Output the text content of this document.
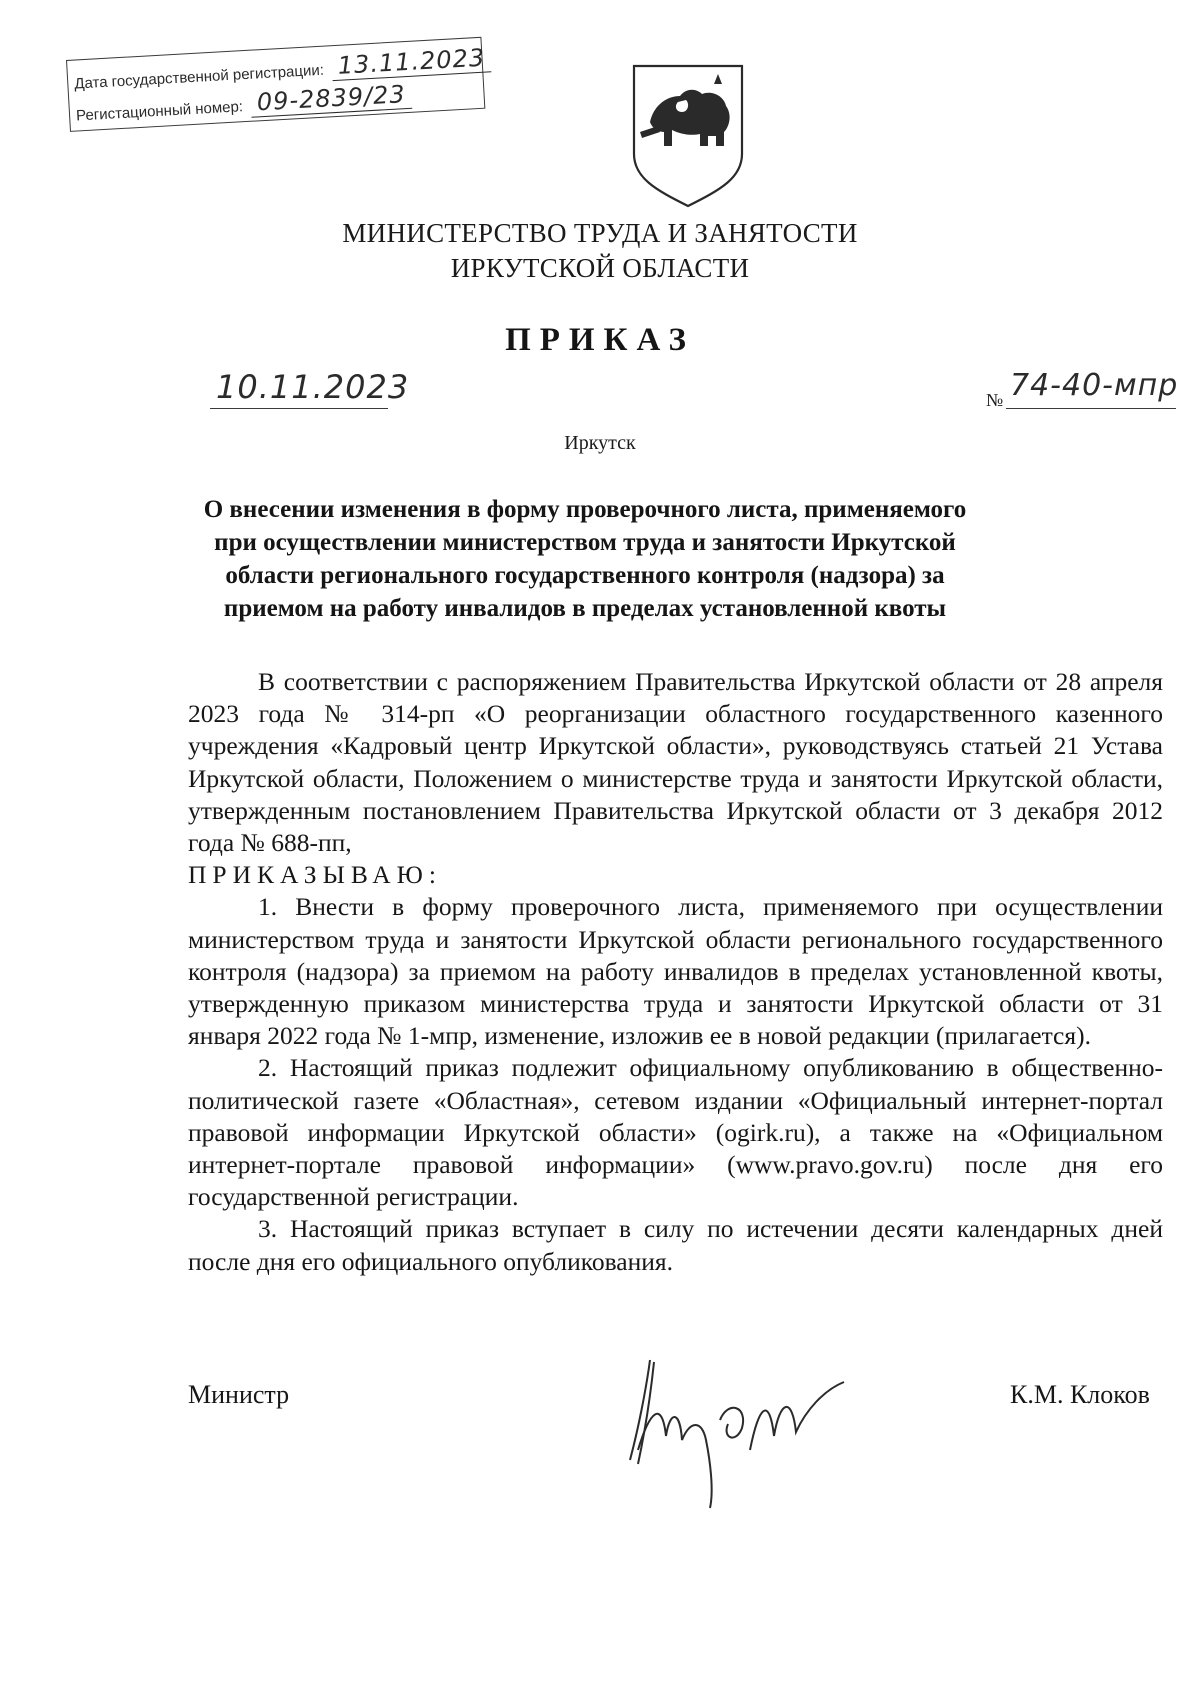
Дата государственной регистрации: 13.11.2023
Регистационный номер: 09-2839/23
МИНИСТЕРСТВО ТРУДА И ЗАНЯТОСТИ
ИРКУТСКОЙ ОБЛАСТИ
ПРИКАЗ
10.11.2023	№ 74-40-мпр
Иркутск
О внесении изменения в форму проверочного листа, применяемого при осуществлении министерством труда и занятости Иркутской области регионального государственного контроля (надзора) за приемом на работу инвалидов в пределах установленной квоты

В соответствии с распоряжением Правительства Иркутской области от 28 апреля 2023 года № 314-рп «О реорганизации областного государственного казенного учреждения «Кадровый центр Иркутской области», руководствуясь статьей 21 Устава Иркутской области, Положением о министерстве труда и занятости Иркутской области, утвержденным постановлением Правительства Иркутской области от 3 декабря 2012 года № 688-пп,

ПРИКАЗЫВАЮ:

1. Внести в форму проверочного листа, применяемого при осуществлении министерством труда и занятости Иркутской области регионального государственного контроля (надзора) за приемом на работу инвалидов в пределах установленной квоты, утвержденную приказом министерства труда и занятости Иркутской области от 31 января 2022 года № 1-мпр, изменение, изложив ее в новой редакции (прилагается).

2. Настоящий приказ подлежит официальному опубликованию в общественно-политической газете «Областная», сетевом издании «Официальный интернет-портал правовой информации Иркутской области» (ogirk.ru), а также на «Официальном интернет-портале правовой информации» (www.pravo.gov.ru) после дня его государственной регистрации.

3. Настоящий приказ вступает в силу по истечении десяти календарных дней после дня его официального опубликования.

Министр	К.М. Клоков
